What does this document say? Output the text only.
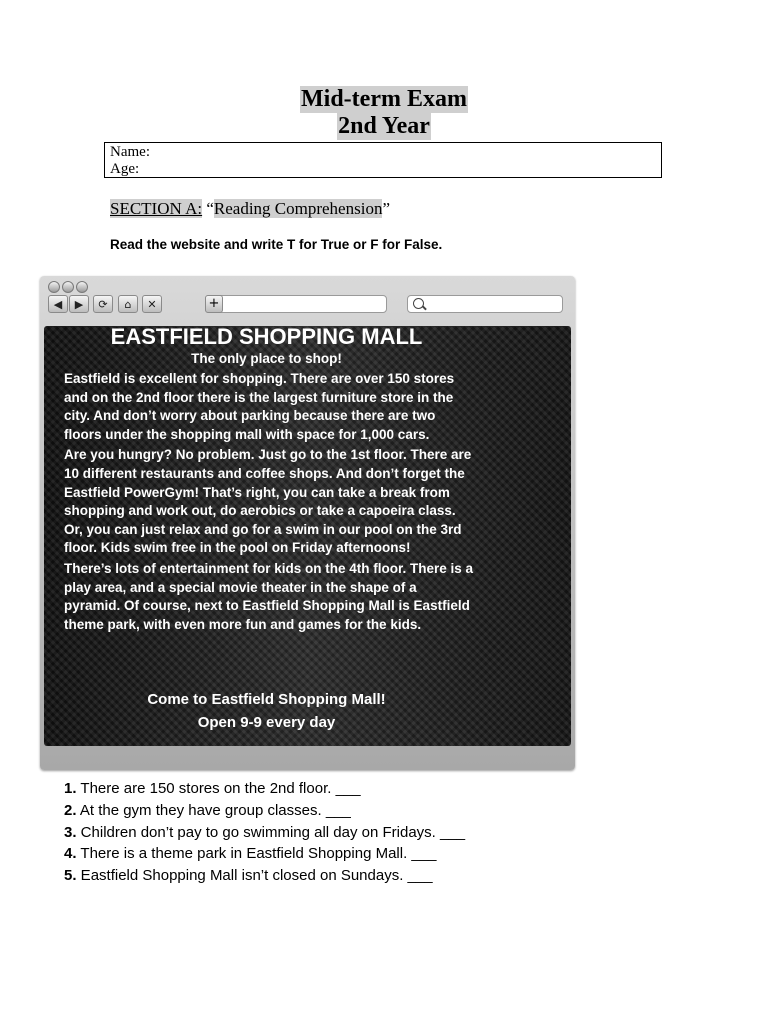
Mid-term Exam
2nd Year
Name:
Age:
SECTION A: “Reading Comprehension”
Read the website and write T for True or F for False.
◀	▶	⟳	⌂	✕	+
EASTFIELD SHOPPING MALL
The only place to shop!

Eastfield is excellent for shopping. There are over 150 stores and on the 2nd floor there is the largest furniture store in the city. And don’t worry about parking because there are two floors under the shopping mall with space for 1,000 cars.

Are you hungry? No problem. Just go to the 1st floor. There are 10 different restaurants and coffee shops. And don’t forget the Eastfield PowerGym! That’s right, you can take a break from shopping and work out, do aerobics or take a capoeira class. Or, you can just relax and go for a swim in our pool on the 3rd floor. Kids swim free in the pool on Friday afternoons!

There’s lots of entertainment for kids on the 4th floor. There is a play area, and a special movie theater in the shape of a pyramid. Of course, next to Eastfield Shopping Mall is Eastfield theme park, with even more fun and games for the kids.

Come to Eastfield Shopping Mall!
Open 9-9 every day
1. There are 150 stores on the 2nd floor. ___
2. At the gym they have group classes. ___
3. Children don’t pay to go swimming all day on Fridays. ___
4. There is a theme park in Eastfield Shopping Mall. ___
5. Eastfield Shopping Mall isn’t closed on Sundays. ___
